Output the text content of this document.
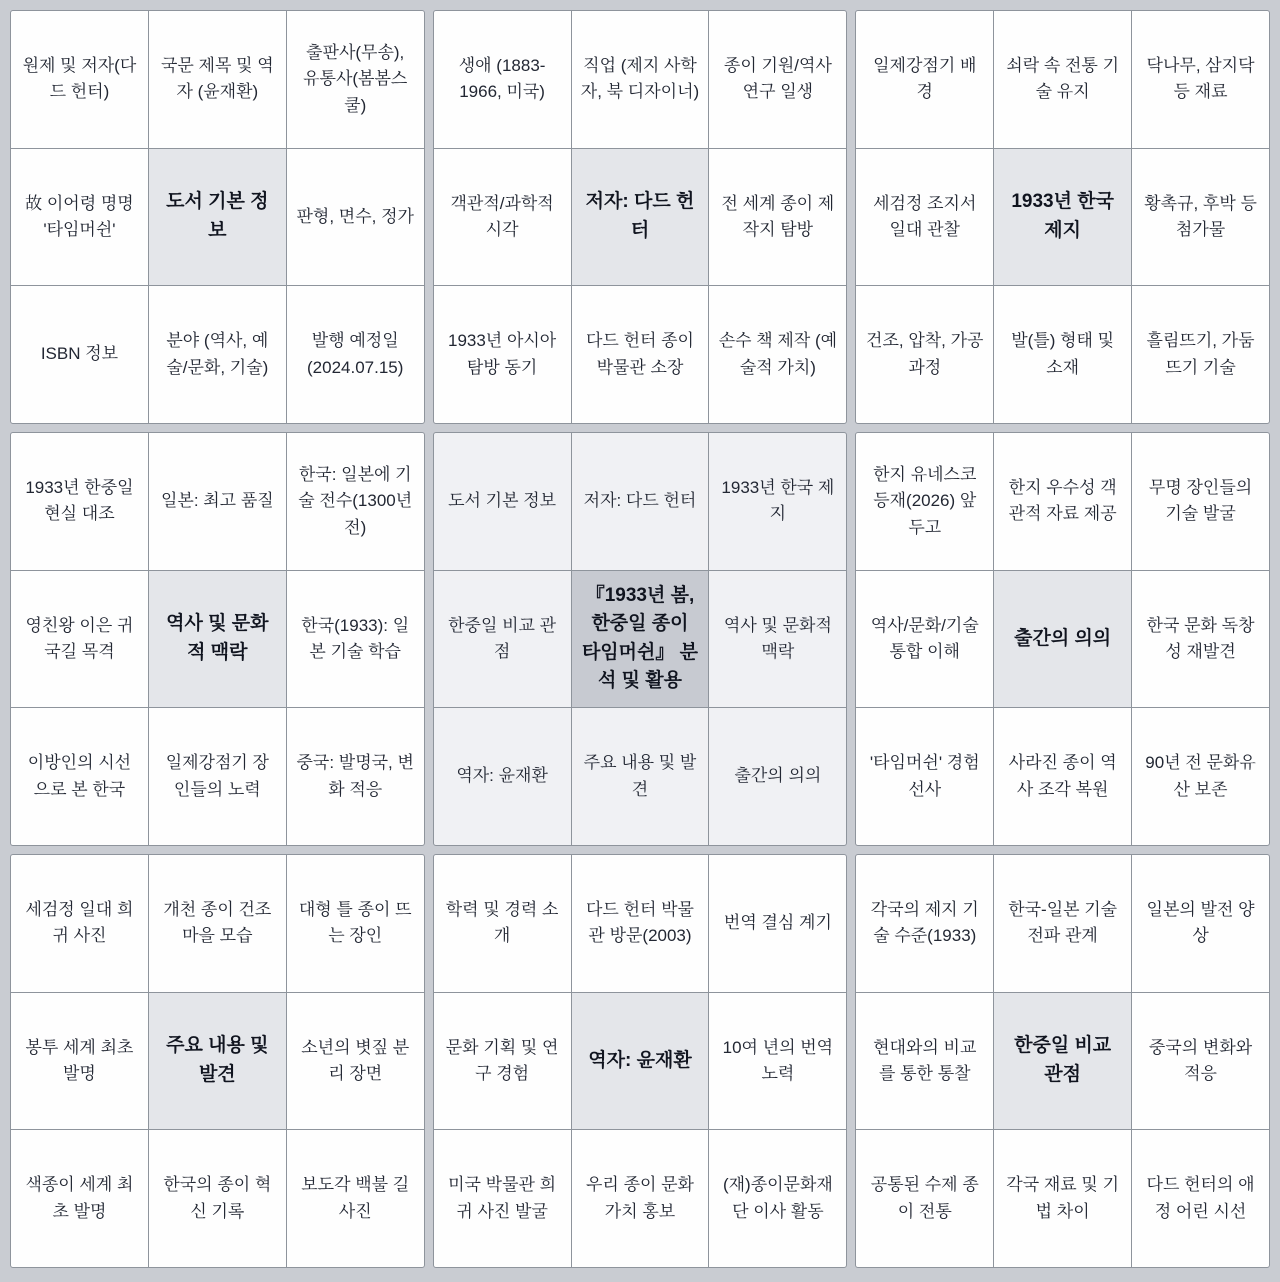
원제 및 저자(다드 헌터)
국문 제목 및 역자 (윤재환)
출판사(무송), 유통사(봄봄스쿨)
故 이어령 명명 '타임머쉰'
도서 기본 정보
판형, 면수, 정가
ISBN 정보
분야 (역사, 예술/문화, 기술)
발행 예정일 (2024.07.15)
생애 (1883-1966, 미국)
직업 (제지 사학자, 북 디자이너)
종이 기원/역사 연구 일생
객관적/과학적 시각
저자: 다드 헌터
전 세계 종이 제작지 탐방
1933년 아시아 탐방 동기
다드 헌터 종이 박물관 소장
손수 책 제작 (예술적 가치)
일제강점기 배경
쇠락 속 전통 기술 유지
닥나무, 삼지닥 등 재료
세검정 조지서 일대 관찰
1933년 한국 제지
황촉규, 후박 등 첨가물
건조, 압착, 가공 과정
발(틀) 형태 및 소재
흘림뜨기, 가둠뜨기 기술
1933년 한중일 현실 대조
일본: 최고 품질
한국: 일본에 기술 전수(1300년 전)
영친왕 이은 귀국길 목격
역사 및 문화적 맥락
한국(1933): 일본 기술 학습
이방인의 시선으로 본 한국
일제강점기 장인들의 노력
중국: 발명국, 변화 적응
도서 기본 정보	저자: 다드 헌터
1933년 한국 제지
한중일 비교 관점
『1933년 봄, 한중일 종이 타임머쉰』 분석 및 활용
역사 및 문화적 맥락
역자: 윤재환
주요 내용 및 발견
출간의 의의
한지 유네스코 등재(2026) 앞두고
한지 우수성 객관적 자료 제공
무명 장인들의 기술 발굴
역사/문화/기술 통합 이해
출간의 의의
한국 문화 독창성 재발견
'타임머쉰' 경험 선사
사라진 종이 역사 조각 복원
90년 전 문화유산 보존
세검정 일대 희귀 사진
개천 종이 건조 마을 모습
대형 틀 종이 뜨는 장인
봉투 세계 최초 발명
주요 내용 및 발견
소년의 볏짚 분리 장면
색종이 세계 최초 발명
한국의 종이 혁신 기록
보도각 백불 길 사진
학력 및 경력 소개
다드 헌터 박물관 방문(2003)
번역 결심 계기
문화 기획 및 연구 경험
역자: 윤재환
10여 년의 번역 노력
미국 박물관 희귀 사진 발굴
우리 종이 문화 가치 홍보
(재)종이문화재단 이사 활동
각국의 제지 기술 수준(1933)
한국-일본 기술 전파 관계
일본의 발전 양상
현대와의 비교를 통한 통찰
한중일 비교 관점
중국의 변화와 적응
공통된 수제 종이 전통
각국 재료 및 기법 차이
다드 헌터의 애정 어린 시선
